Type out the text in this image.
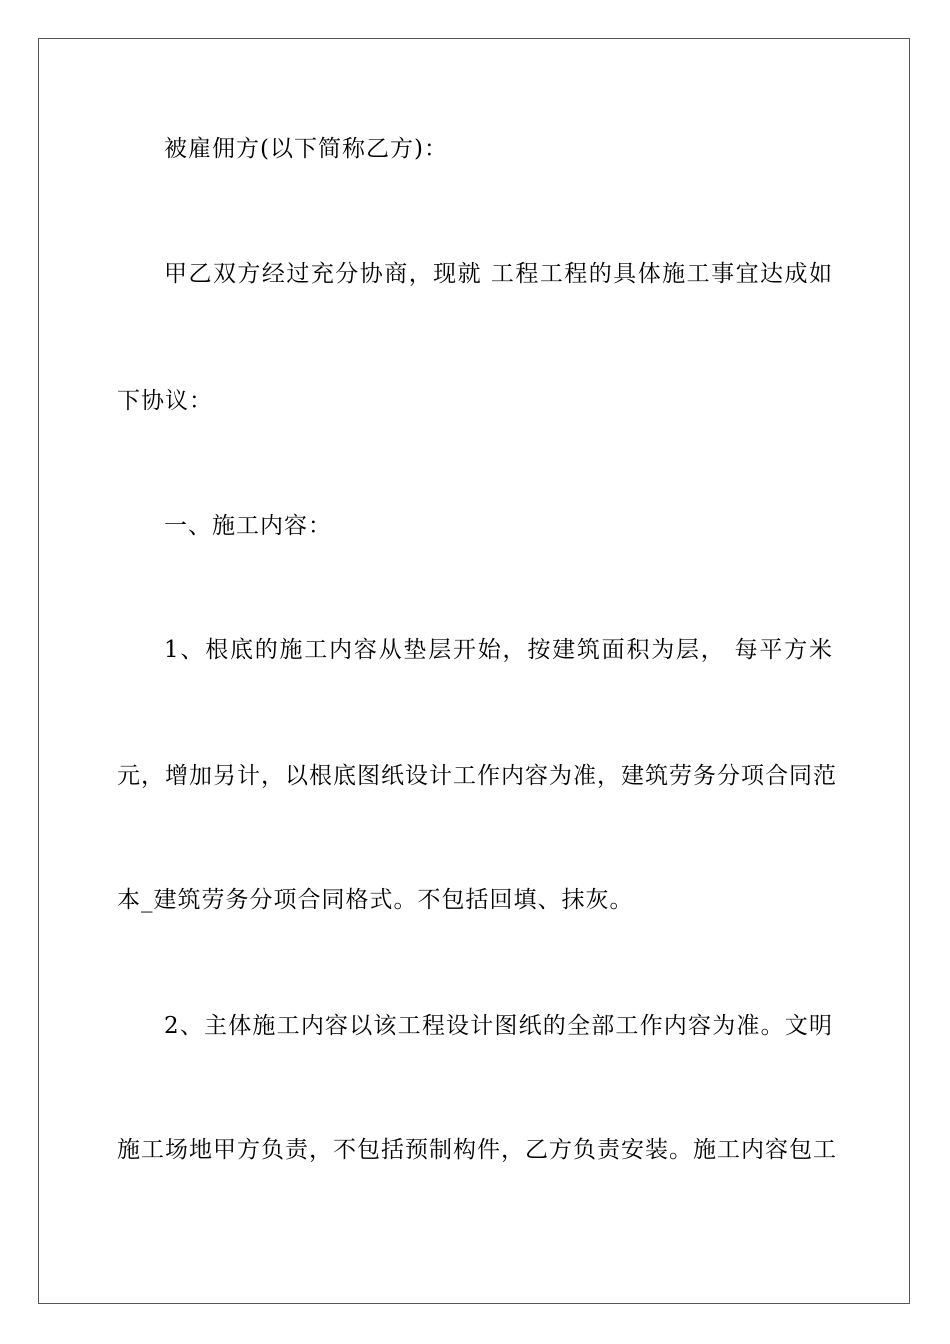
被雇佣方(以下简称乙方)：
甲乙双方经过充分协商，现就 工程工程的具体施工事宜达成如
下协议：
一、施工内容：
1、根底的施工内容从垫层开始，按建筑面积为层， 每平方米
元，增加另计，以根底图纸设计工作内容为准，建筑劳务分项合同范
本_建筑劳务分项合同格式。不包括回填、抹灰。
2、主体施工内容以该工程设计图纸的全部工作内容为准。文明
施工场地甲方负责，不包括预制构件，乙方负责安装。施工内容包工
